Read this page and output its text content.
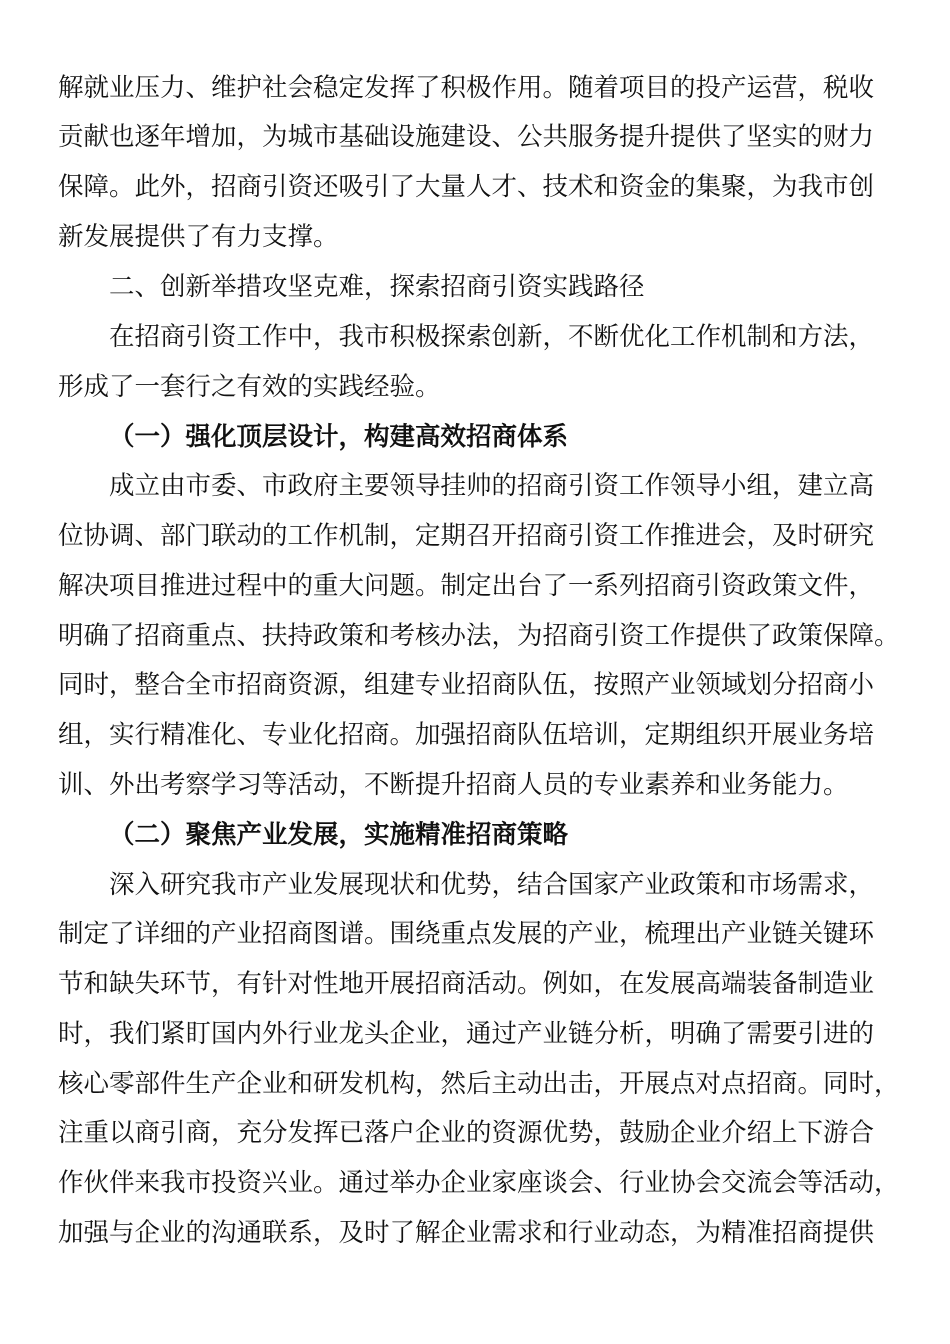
解就业压力、维护社会稳定发挥了积极作用。随着项目的投产运营，税收
贡献也逐年增加，为城市基础设施建设、公共服务提升提供了坚实的财力
保障。此外，招商引资还吸引了大量人才、技术和资金的集聚，为我市创
新发展提供了有力支撑。
二、创新举措攻坚克难，探索招商引资实践路径
在招商引资工作中，我市积极探索创新，不断优化工作机制和方法，
形成了一套行之有效的实践经验。
（一）强化顶层设计，构建高效招商体系
成立由市委、市政府主要领导挂帅的招商引资工作领导小组，建立高
位协调、部门联动的工作机制，定期召开招商引资工作推进会，及时研究
解决项目推进过程中的重大问题。制定出台了一系列招商引资政策文件，
明确了招商重点、扶持政策和考核办法，为招商引资工作提供了政策保障。
同时，整合全市招商资源，组建专业招商队伍，按照产业领域划分招商小
组，实行精准化、专业化招商。加强招商队伍培训，定期组织开展业务培
训、外出考察学习等活动，不断提升招商人员的专业素养和业务能力。
（二）聚焦产业发展，实施精准招商策略
深入研究我市产业发展现状和优势，结合国家产业政策和市场需求，
制定了详细的产业招商图谱。围绕重点发展的产业，梳理出产业链关键环
节和缺失环节，有针对性地开展招商活动。例如，在发展高端装备制造业
时，我们紧盯国内外行业龙头企业，通过产业链分析，明确了需要引进的
核心零部件生产企业和研发机构，然后主动出击，开展点对点招商。同时，
注重以商引商，充分发挥已落户企业的资源优势，鼓励企业介绍上下游合
作伙伴来我市投资兴业。通过举办企业家座谈会、行业协会交流会等活动，
加强与企业的沟通联系，及时了解企业需求和行业动态，为精准招商提供
